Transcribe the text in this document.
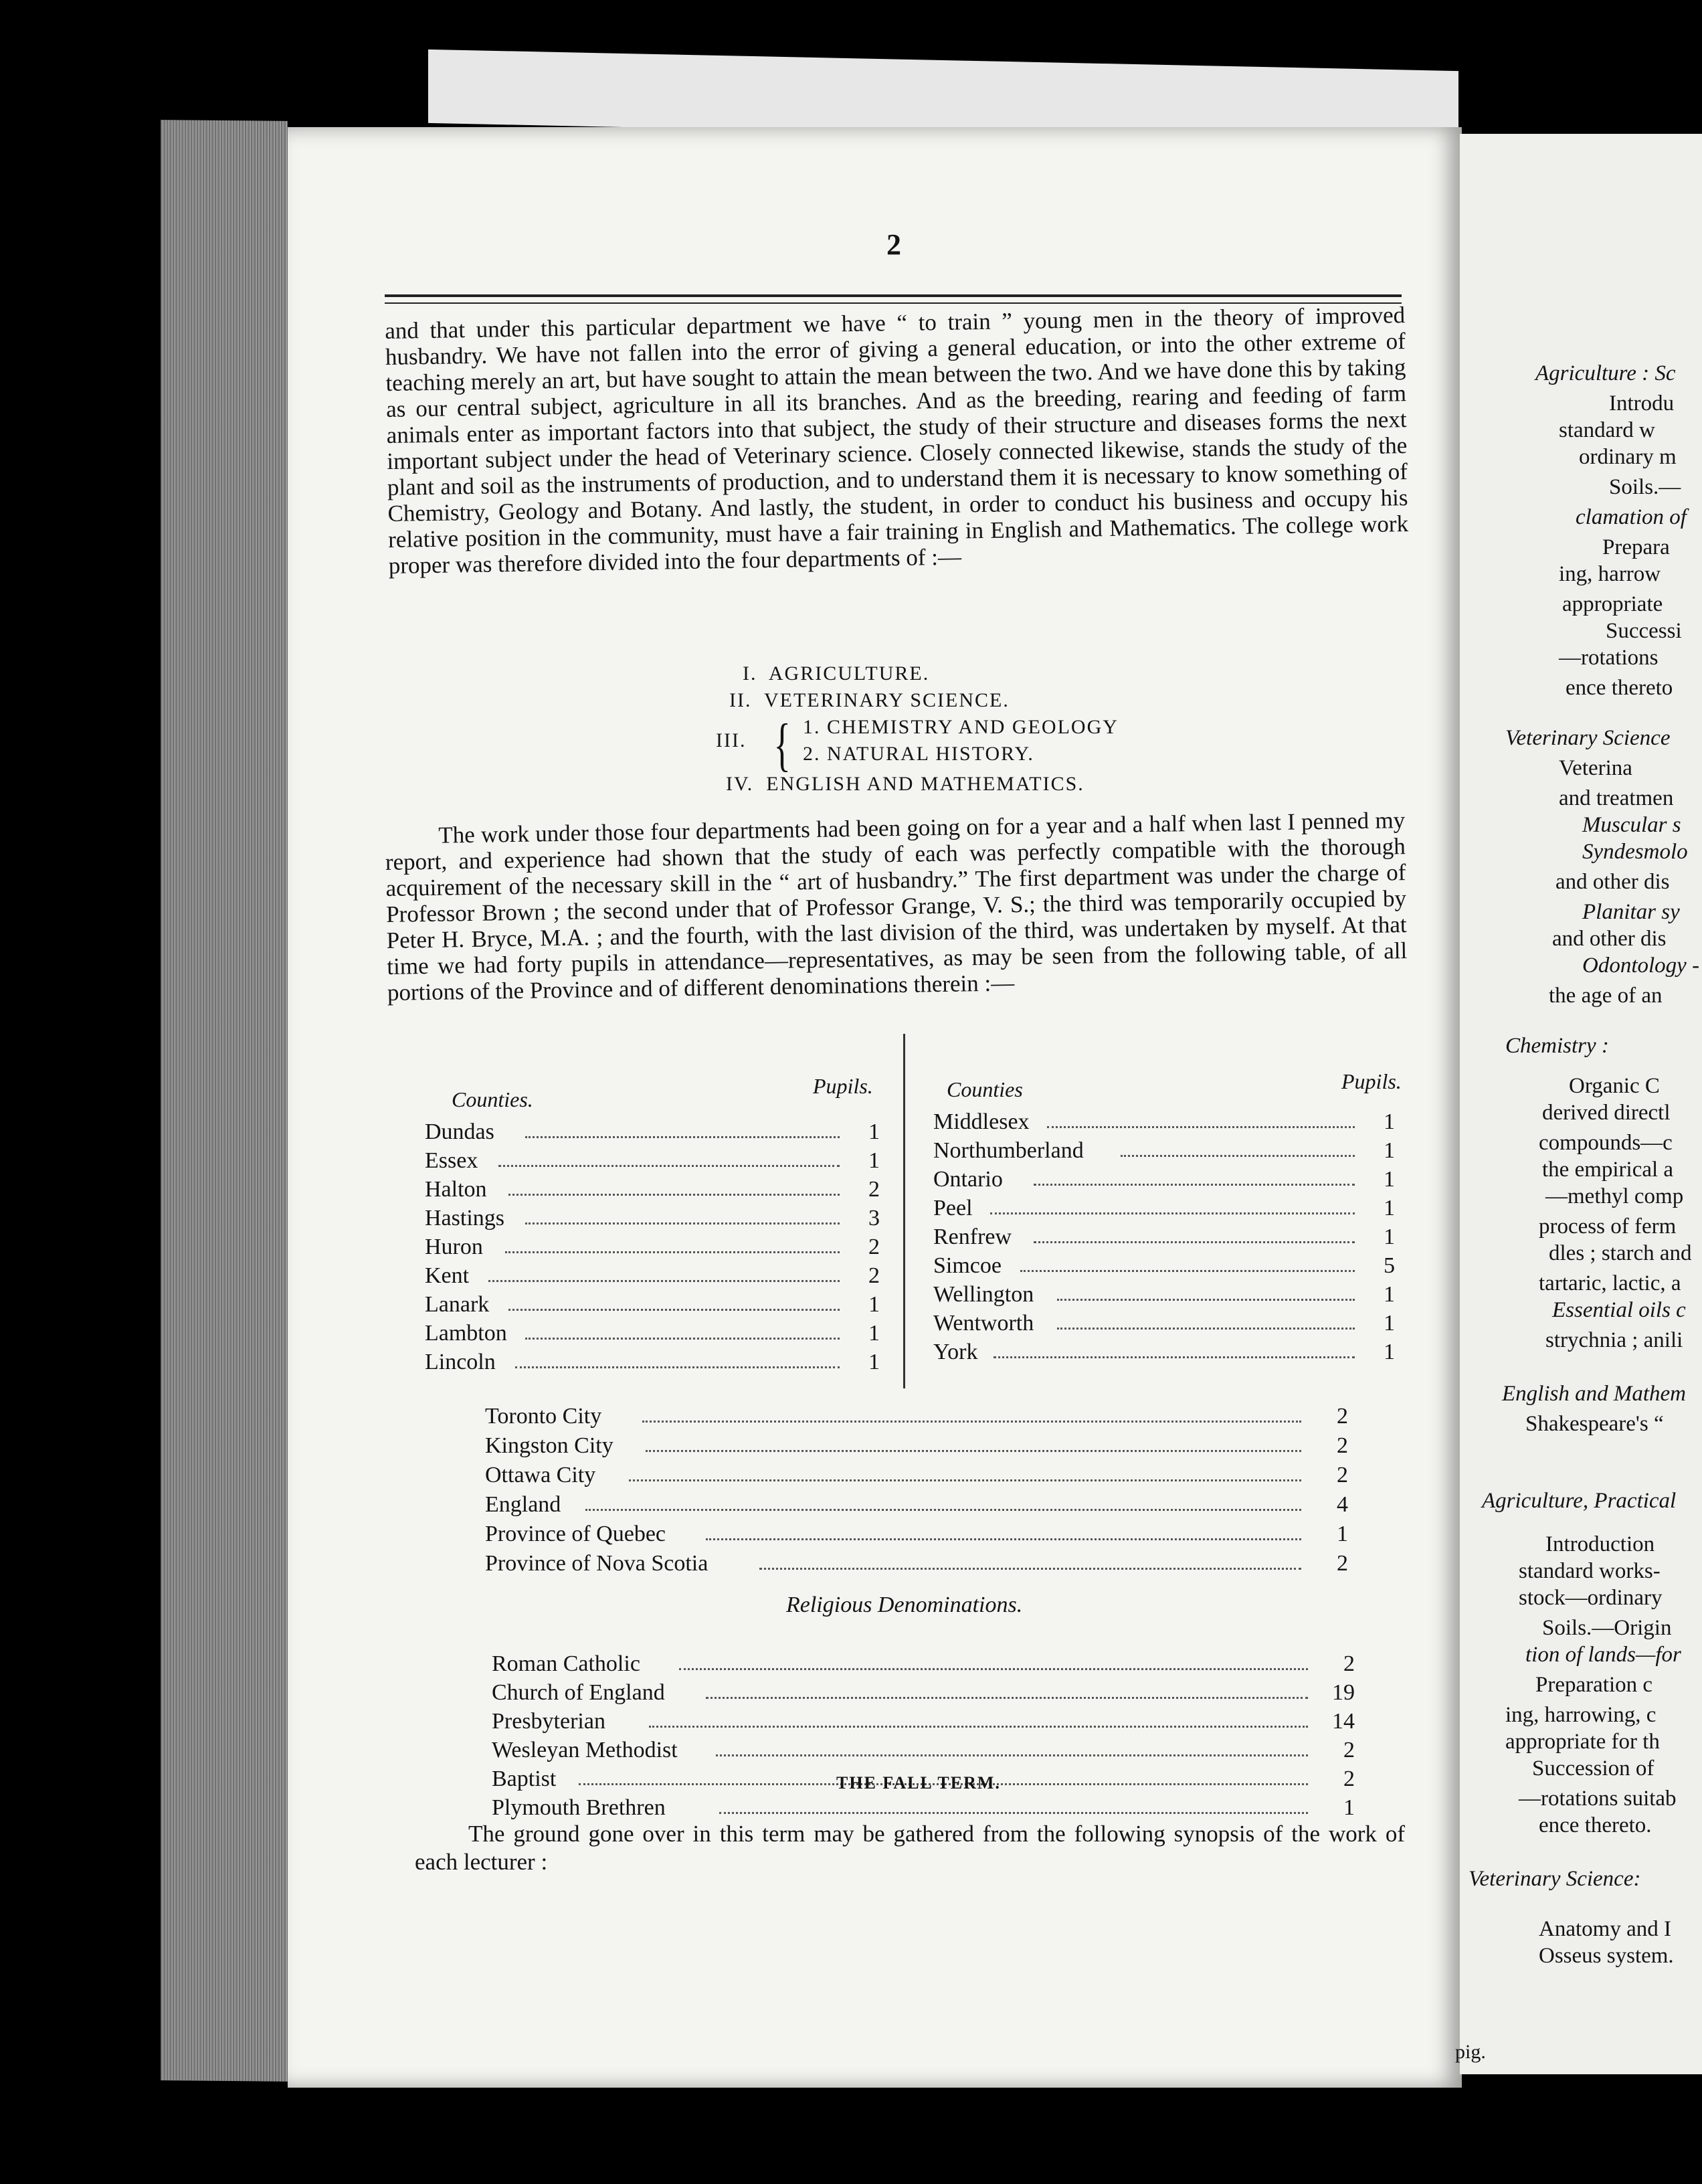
2
and that under this particular department we have “ to train ” young men in the theory of improved husbandry. We have not fallen into the error of giving a general education, or into the other extreme of teaching merely an art, but have sought to attain the mean between the two. And we have done this by taking as our central subject, agriculture in all its branches. And as the breeding, rearing and feeding of farm animals enter as important factors into that subject, the study of their structure and diseases forms the next important subject under the head of Veterinary science. Closely connected likewise, stands the study of the plant and soil as the instruments of production, and to understand them it is necessary to know something of Chemistry, Geology and Botany. And lastly, the student, in order to conduct his business and occupy his relative position in the community, must have a fair training in English and Mathematics. The college work proper was therefore divided into the four departments of :—
I. AGRICULTURE.
II. VETERINARY SCIENCE.
III. { 1. CHEMISTRY AND GEOLOGY
2. NATURAL HISTORY.
IV. ENGLISH AND MATHEMATICS.
The work under those four departments had been going on for a year and a half when last I penned my report, and experience had shown that the study of each was perfectly compatible with the thorough acquirement of the necessary skill in the “ art of husbandry.” The first department was under the charge of Professor Brown ; the second under that of Professor Grange, V. S.; the third was temporarily occupied by Peter H. Bryce, M.A. ; and the fourth, with the last division of the third, was undertaken by myself. At that time we had forty pupils in attendance—representatives, as may be seen from the following table, of all portions of the Province and of different denominations therein :—
Counties.
Pupils.	Counties	Pupils.
Dundas	1
Essex	1
Halton	2
Hastings	3
Huron	2
Kent	2
Lanark	1
Lambton	1
Lincoln	1
Middlesex	1
Northumberland	1
Ontario	1
Peel	1
Renfrew	1
Simcoe	5
Wellington	1
Wentworth	1
York	1
Toronto City	2
Kingston City	2
Ottawa City	2
England	4
Province of Quebec	1
Province of Nova Scotia	2
Religious Denominations.
Roman Catholic	2
Church of England	19
Presbyterian	14
Wesleyan Methodist	2
Baptist	2
Plymouth Brethren	1
THE FALL TERM.
The ground gone over in this term may be gathered from the following synopsis of the work of each lecturer :
Agriculture : Sc
Introdu
standard w
ordinary m
Soils.—
clamation of
Prepara
ing, harrow
appropriate
Successi
—rotations
ence thereto
Veterinary Science
Veterina
and treatmen
Muscular s
Syndesmolo
and other dis
Planitar sy
and other dis
Odontology -
the age of an
Chemistry :
Organic C
derived directl
compounds—c
the empirical a
—methyl comp
process of ferm
dles ; starch and
tartaric, lactic, a
Essential oils c
strychnia ; anili
English and Mathem
Shakespeare's “
Agriculture, Practical
Introduction
standard works-
stock—ordinary
Soils.—Origin
tion of lands—for
Preparation c
ing, harrowing, c
appropriate for th
Succession of
—rotations suitab
ence thereto.
Veterinary Science:
Anatomy and I
Osseus system.
pig.
